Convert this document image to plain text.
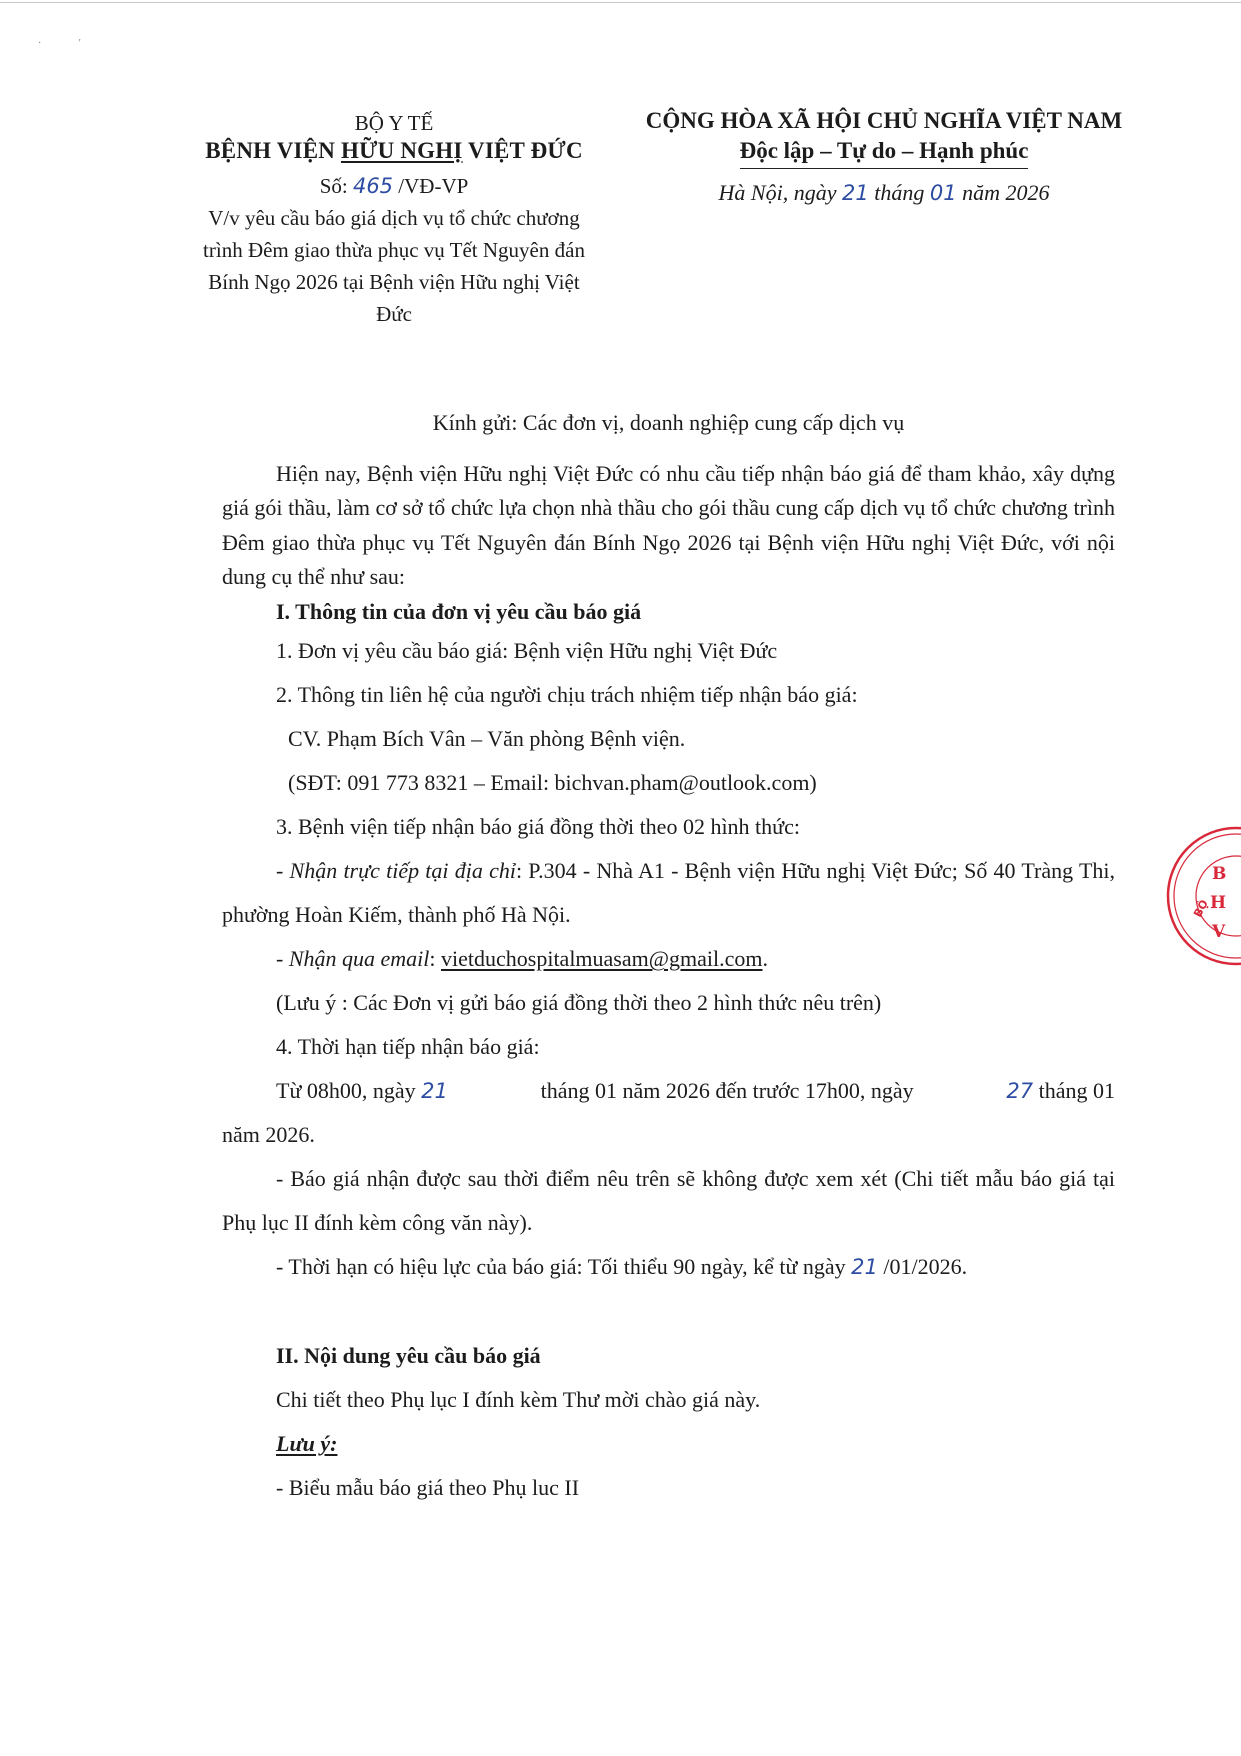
·               '
BỘ Y TẾ
BỆNH VIỆN HỮU NGHỊ VIỆT ĐỨC
Số: 465 /VĐ-VP
V/v yêu cầu báo giá dịch vụ tổ chức chương
trình Đêm giao thừa phục vụ Tết Nguyên đán
Bính Ngọ 2026 tại Bệnh viện Hữu nghị Việt
Đức
CỘNG HÒA XÃ HỘI CHỦ NGHĨA VIỆT NAM
Độc lập – Tự do – Hạnh phúc
Hà Nội, ngày 21 tháng 01 năm 2026
Kính gửi: Các đơn vị, doanh nghiệp cung cấp dịch vụ

Hiện nay, Bệnh viện Hữu nghị Việt Đức có nhu cầu tiếp nhận báo giá để tham khảo, xây dựng giá gói thầu, làm cơ sở tổ chức lựa chọn nhà thầu cho gói thầu cung cấp dịch vụ tổ chức chương trình Đêm giao thừa phục vụ Tết Nguyên đán Bính Ngọ 2026 tại Bệnh viện Hữu nghị Việt Đức, với nội dung cụ thể như sau:

I. Thông tin của đơn vị yêu cầu báo giá
1. Đơn vị yêu cầu báo giá: Bệnh viện Hữu nghị Việt Đức
2. Thông tin liên hệ của người chịu trách nhiệm tiếp nhận báo giá:
CV. Phạm Bích Vân – Văn phòng Bệnh viện.
(SĐT: 091 773 8321 – Email: bichvan.pham@outlook.com)
3. Bệnh viện tiếp nhận báo giá đồng thời theo 02 hình thức:

- Nhận trực tiếp tại địa chỉ: P.304 - Nhà A1 - Bệnh viện Hữu nghị Việt Đức; Số 40 Tràng Thi, phường Hoàn Kiếm, thành phố Hà Nội.

- Nhận qua email: vietduchospitalmuasam@gmail.com.
(Lưu ý : Các Đơn vị gửi báo giá đồng thời theo 2 hình thức nêu trên)
4. Thời hạn tiếp nhận báo giá:
Từ 08h00, ngày 21	tháng 01 năm 2026 đến trước 17h00, ngày	27 tháng 01
năm 2026.

- Báo giá nhận được sau thời điểm nêu trên sẽ không được xem xét (Chi tiết mẫu báo giá tại Phụ lục II đính kèm công văn này).

- Thời hạn có hiệu lực của báo giá: Tối thiểu 90 ngày, kể từ ngày 21 /01/2026.
II. Nội dung yêu cầu báo giá
Chi tiết theo Phụ lục I đính kèm Thư mời chào giá này.
Lưu ý:
- Biểu mẫu báo giá theo Phụ luc II
BỘ
B
H
V
